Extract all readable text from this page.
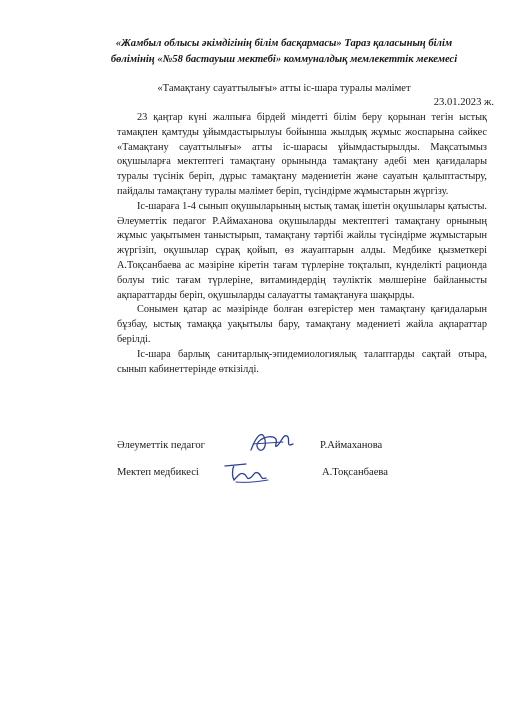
«Жамбыл облысы әкімдігінің білім басқармасы» Тараз қаласының білім
бөлімінің «№58 бастауыш мектебі» коммуналдық мемлекеттік мекемесі
«Тамақтану сауаттылығы» атты іс-шара туралы мәлімет
23.01.2023 ж.

23 қаңтар күні жалпыға бірдей міндетті білім беру қорынан тегін ыстық тамақпен қамтуды ұйымдастырылуы бойынша жылдық жұмыс жоспарына сәйкес «Тамақтану сауаттылығы» атты іс-шарасы ұйымдастырылды. Мақсатымыз оқушыларға мектептегі тамақтану орынында тамақтану әдебі мен қағидалары туралы түсінік беріп, дұрыс тамақтану мәдениетін және сауатын қалыптастыру, пайдалы тамақтану туралы мәлімет беріп, түсіндірме жұмыстарын жүргізу.

Іс-шараға 1-4 сынып оқушыларының ыстық тамақ ішетін оқушылары қатысты. Әлеуметтік педагог Р.Аймаханова оқушыларды мектептегі тамақтану орнының жұмыс уақытымен таныстырып, тамақтану тәртібі жайлы түсіндірме жұмыстарын жүргізіп, оқушылар сұрақ қойып, өз жауаптарын алды. Медбике қызметкері А.Тоқсанбаева ас мәзіріне кіретін тағам түрлеріне тоқталып, күнделікті рационда болуы тиіс тағам түрлеріне, витаминдердің тәуліктік мөлшеріне байланысты ақпараттарды беріп, оқушыларды салауатты тамақтануға шақырды.

Сонымен қатар ас мәзірінде болған өзгерістер мен тамақтану қағидаларын бұзбау, ыстық тамаққа уақытылы бару, тамақтану мәдениеті жайла ақпараттар берілді.

Іс-шара барлық санитарлық-эпидемиологиялық талаптарды сақтай отыра, сынып кабинеттерінде өткізілді.

Әлеуметтік педагог	Р.Аймаханова
Мектеп медбикесі	А.Тоқсанбаева
